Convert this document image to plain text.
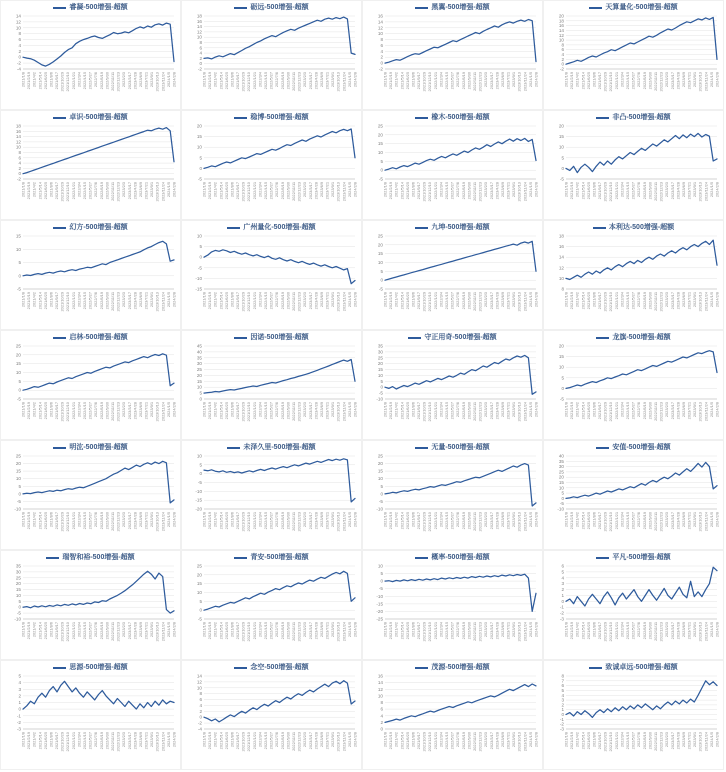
睿凝-500增强-超额
14
12
10
8
6
4
2
0
-2
-4
2021/1/8 2021/2/19 2021/4/2 2021/5/14 2021/6/25 2021/8/6 2021/9/17 2021/10/29 2021/12/10 2022/1/21 2022/3/4 2022/4/15 2022/5/27 2022/7/8 2022/8/19 2022/9/30 2022/11/11 2022/12/23 2023/2/3 2023/3/17 2023/4/28 2023/6/9 2023/7/21 2023/9/1 2023/10/13 2023/11/24 2024/1/5 2024/2/8
砺远-500增强-超额
18
16
14
12
10
8
6
4
2
0
-2
2021/1/8 2021/2/19 2021/4/2 2021/5/14 2021/6/25 2021/8/6 2021/9/17 2021/10/29 2021/12/10 2022/1/21 2022/3/4 2022/4/15 2022/5/27 2022/7/8 2022/8/19 2022/9/30 2022/11/11 2022/12/23 2023/2/3 2023/3/17 2023/4/28 2023/6/9 2023/7/21 2023/9/1 2023/10/13 2023/11/24 2024/1/5 2024/2/8
黑翼-500增强-超额
16
14
12
10
8
6
4
2
0
-2
2021/1/8 2021/2/19 2021/4/2 2021/5/14 2021/6/25 2021/8/6 2021/9/17 2021/10/29 2021/12/10 2022/1/21 2022/3/4 2022/4/15 2022/5/27 2022/7/8 2022/8/19 2022/9/30 2022/11/11 2022/12/23 2023/2/3 2023/3/17 2023/4/28 2023/6/9 2023/7/21 2023/9/1 2023/10/13 2023/11/24 2024/1/5 2024/2/8
天算量化-500增强-超额
20
18
16
14
12
10
8
6
4
2
0
-2
2021/1/8 2021/2/19 2021/4/2 2021/5/14 2021/6/25 2021/8/6 2021/9/17 2021/10/29 2021/12/10 2022/1/21 2022/3/4 2022/4/15 2022/5/27 2022/7/8 2022/8/19 2022/9/30 2022/11/11 2022/12/23 2023/2/3 2023/3/17 2023/4/28 2023/6/9 2023/7/21 2023/9/1 2023/10/13 2023/11/24 2024/1/5 2024/2/8
卓识-500增强-超额
18
16
14
12
10
8
6
4
2
0
-2
2021/1/8 2021/2/19 2021/4/2 2021/5/14 2021/6/25 2021/8/6 2021/9/17 2021/10/29 2021/12/10 2022/1/21 2022/3/4 2022/4/15 2022/5/27 2022/7/8 2022/8/19 2022/9/30 2022/11/11 2022/12/23 2023/2/3 2023/3/17 2023/4/28 2023/6/9 2023/7/21 2023/9/1 2023/10/13 2023/11/24 2024/1/5 2024/2/8
稳博-500增强-超额
20
15
10
5
0
-5
2021/1/8 2021/2/19 2021/4/2 2021/5/14 2021/6/25 2021/8/6 2021/9/17 2021/10/29 2021/12/10 2022/1/21 2022/3/4 2022/4/15 2022/5/27 2022/7/8 2022/8/19 2022/9/30 2022/11/11 2022/12/23 2023/2/3 2023/3/17 2023/4/28 2023/6/9 2023/7/21 2023/9/1 2023/10/13 2023/11/24 2024/1/5 2024/2/8
橡木-500增强-超额
25
20
15
10
5
0
-5
2021/1/8 2021/2/19 2021/4/2 2021/5/14 2021/6/25 2021/8/6 2021/9/17 2021/10/29 2021/12/10 2022/1/21 2022/3/4 2022/4/15 2022/5/27 2022/7/8 2022/8/19 2022/9/30 2022/11/11 2022/12/23 2023/2/3 2023/3/17 2023/4/28 2023/6/9 2023/7/21 2023/9/1 2023/10/13 2023/11/24 2024/1/5 2024/2/8
非凸-500增强-超额
20
15
10
5
0
-5
2021/1/8 2021/2/19 2021/4/2 2021/5/14 2021/6/25 2021/8/6 2021/9/17 2021/10/29 2021/12/10 2022/1/21 2022/3/4 2022/4/15 2022/5/27 2022/7/8 2022/8/19 2022/9/30 2022/11/11 2022/12/23 2023/2/3 2023/3/17 2023/4/28 2023/6/9 2023/7/21 2023/9/1 2023/10/13 2023/11/24 2024/1/5 2024/2/8
幻方-500增强-超额
15
10
5
0
-5
2021/1/8 2021/2/19 2021/4/2 2021/5/14 2021/6/25 2021/8/6 2021/9/17 2021/10/29 2021/12/10 2022/1/21 2022/3/4 2022/4/15 2022/5/27 2022/7/8 2022/8/19 2022/9/30 2022/11/11 2022/12/23 2023/2/3 2023/3/17 2023/4/28 2023/6/9 2023/7/21 2023/9/1 2023/10/13 2023/11/24 2024/1/5 2024/2/8
广州量化-500增强-超额
10
5
0
-5
-10
-15
2021/1/8 2021/2/19 2021/4/2 2021/5/14 2021/6/25 2021/8/6 2021/9/17 2021/10/29 2021/12/10 2022/1/21 2022/3/4 2022/4/15 2022/5/27 2022/7/8 2022/8/19 2022/9/30 2022/11/11 2022/12/23 2023/2/3 2023/3/17 2023/4/28 2023/6/9 2023/7/21 2023/9/1 2023/10/13 2023/11/24 2024/1/5 2024/2/8
九坤-500增强-超额
25
20
15
10
5
0
-5
2021/1/8 2021/2/19 2021/4/2 2021/5/14 2021/6/25 2021/8/6 2021/9/17 2021/10/29 2021/12/10 2022/1/21 2022/3/4 2022/4/15 2022/5/27 2022/7/8 2022/8/19 2022/9/30 2022/11/11 2022/12/23 2023/2/3 2023/3/17 2023/4/28 2023/6/9 2023/7/21 2023/9/1 2023/10/13 2023/11/24 2024/1/5 2024/2/8
本利达-500增强-超额
18
16
14
12
10
8
2021/1/8 2021/2/19 2021/4/2 2021/5/14 2021/6/25 2021/8/6 2021/9/17 2021/10/29 2021/12/10 2022/1/21 2022/3/4 2022/4/15 2022/5/27 2022/7/8 2022/8/19 2022/9/30 2022/11/11 2022/12/23 2023/2/3 2023/3/17 2023/4/28 2023/6/9 2023/7/21 2023/9/1 2023/10/13 2023/11/24 2024/1/5 2024/2/8
启林-500增强-超额
25
20
15
10
5
0
-5
2021/1/8 2021/2/19 2021/4/2 2021/5/14 2021/6/25 2021/8/6 2021/9/17 2021/10/29 2021/12/10 2022/1/21 2022/3/4 2022/4/15 2022/5/27 2022/7/8 2022/8/19 2022/9/30 2022/11/11 2022/12/23 2023/2/3 2023/3/17 2023/4/28 2023/6/9 2023/7/21 2023/9/1 2023/10/13 2023/11/24 2024/1/5 2024/2/8
因诺-500增强-超额
45
40
35
30
25
20
15
10
5
0
2021/1/8 2021/2/19 2021/4/2 2021/5/14 2021/6/25 2021/8/6 2021/9/17 2021/10/29 2021/12/10 2022/1/21 2022/3/4 2022/4/15 2022/5/27 2022/7/8 2022/8/19 2022/9/30 2022/11/11 2022/12/23 2023/2/3 2023/3/17 2023/4/28 2023/6/9 2023/7/21 2023/9/1 2023/10/13 2023/11/24 2024/1/5 2024/2/8
守正用奇-500增强-超额
35
30
25
20
15
10
5
0
-5
-10
2021/1/8 2021/2/19 2021/4/2 2021/5/14 2021/6/25 2021/8/6 2021/9/17 2021/10/29 2021/12/10 2022/1/21 2022/3/4 2022/4/15 2022/5/27 2022/7/8 2022/8/19 2022/9/30 2022/11/11 2022/12/23 2023/2/3 2023/3/17 2023/4/28 2023/6/9 2023/7/21 2023/9/1 2023/10/13 2023/11/24 2024/1/5 2024/2/8
龙旗-500增强-超额
20
15
10
5
0
-5
2021/1/8 2021/2/19 2021/4/2 2021/5/14 2021/6/25 2021/8/6 2021/9/17 2021/10/29 2021/12/10 2022/1/21 2022/3/4 2022/4/15 2022/5/27 2022/7/8 2022/8/19 2022/9/30 2022/11/11 2022/12/23 2023/2/3 2023/3/17 2023/4/28 2023/6/9 2023/7/21 2023/9/1 2023/10/13 2023/11/24 2024/1/5 2024/2/8
明汯-500增强-超额
25
20
15
10
5
0
-5
-10
2021/1/8 2021/2/19 2021/4/2 2021/5/14 2021/6/25 2021/8/6 2021/9/17 2021/10/29 2021/12/10 2022/1/21 2022/3/4 2022/4/15 2022/5/27 2022/7/8 2022/8/19 2022/9/30 2022/11/11 2022/12/23 2023/2/3 2023/3/17 2023/4/28 2023/6/9 2023/7/21 2023/9/1 2023/10/13 2023/11/24 2024/1/5 2024/2/8
未泽久里-500增强-超额
10
5
0
-5
-10
-15
-20
2021/1/8 2021/2/19 2021/4/2 2021/5/14 2021/6/25 2021/8/6 2021/9/17 2021/10/29 2021/12/10 2022/1/21 2022/3/4 2022/4/15 2022/5/27 2022/7/8 2022/8/19 2022/9/30 2022/11/11 2022/12/23 2023/2/3 2023/3/17 2023/4/28 2023/6/9 2023/7/21 2023/9/1 2023/10/13 2023/11/24 2024/1/5 2024/2/8
无量-500增强-超额
25
20
15
10
5
0
-5
-10
2021/1/8 2021/2/19 2021/4/2 2021/5/14 2021/6/25 2021/8/6 2021/9/17 2021/10/29 2021/12/10 2022/1/21 2022/3/4 2022/4/15 2022/5/27 2022/7/8 2022/8/19 2022/9/30 2022/11/11 2022/12/23 2023/2/3 2023/3/17 2023/4/28 2023/6/9 2023/7/21 2023/9/1 2023/10/13 2023/11/24 2024/1/5 2024/2/8
安值-500增强-超额
40
35
30
25
20
15
10
5
0
-5
-10
2021/1/8 2021/2/19 2021/4/2 2021/5/14 2021/6/25 2021/8/6 2021/9/17 2021/10/29 2021/12/10 2022/1/21 2022/3/4 2022/4/15 2022/5/27 2022/7/8 2022/8/19 2022/9/30 2022/11/11 2022/12/23 2023/2/3 2023/3/17 2023/4/28 2023/6/9 2023/7/21 2023/9/1 2023/10/13 2023/11/24 2024/1/5 2024/2/8
瑞智和裕-500增强-超额
35
30
25
20
15
10
5
0
-5
-10
2021/1/8 2021/2/19 2021/4/2 2021/5/14 2021/6/25 2021/8/6 2021/9/17 2021/10/29 2021/12/10 2022/1/21 2022/3/4 2022/4/15 2022/5/27 2022/7/8 2022/8/19 2022/9/30 2022/11/11 2022/12/23 2023/2/3 2023/3/17 2023/4/28 2023/6/9 2023/7/21 2023/9/1 2023/10/13 2023/11/24 2024/1/5 2024/2/8
青安-500增强-超额
25
20
15
10
5
0
-5
2021/1/8 2021/2/19 2021/4/2 2021/5/14 2021/6/25 2021/8/6 2021/9/17 2021/10/29 2021/12/10 2022/1/21 2022/3/4 2022/4/15 2022/5/27 2022/7/8 2022/8/19 2022/9/30 2022/11/11 2022/12/23 2023/2/3 2023/3/17 2023/4/28 2023/6/9 2023/7/21 2023/9/1 2023/10/13 2023/11/24 2024/1/5 2024/2/8
概率-500增强-超额
10
5
0
-5
-10
-15
-20
-25
2021/1/8 2021/2/19 2021/4/2 2021/5/14 2021/6/25 2021/8/6 2021/9/17 2021/10/29 2021/12/10 2022/1/21 2022/3/4 2022/4/15 2022/5/27 2022/7/8 2022/8/19 2022/9/30 2022/11/11 2022/12/23 2023/2/3 2023/3/17 2023/4/28 2023/6/9 2023/7/21 2023/9/1 2023/10/13 2023/11/24 2024/1/5 2024/2/8
平凡-500增强-超额
6
5
4
3
2
1
0
-1
-2
-3
2021/1/8 2021/2/19 2021/4/2 2021/5/14 2021/6/25 2021/8/6 2021/9/17 2021/10/29 2021/12/10 2022/1/21 2022/3/4 2022/4/15 2022/5/27 2022/7/8 2022/8/19 2022/9/30 2022/11/11 2022/12/23 2023/2/3 2023/3/17 2023/4/28 2023/6/9 2023/7/21 2023/9/1 2023/10/13 2023/11/24 2024/1/5 2024/2/8
思源-500增强-超额
5
4
3
2
1
0
-1
-2
-3
2021/1/8 2021/2/19 2021/4/2 2021/5/14 2021/6/25 2021/8/6 2021/9/17 2021/10/29 2021/12/10 2022/1/21 2022/3/4 2022/4/15 2022/5/27 2022/7/8 2022/8/19 2022/9/30 2022/11/11 2022/12/23 2023/2/3 2023/3/17 2023/4/28 2023/6/9 2023/7/21 2023/9/1 2023/10/13 2023/11/24 2024/1/5 2024/2/8
念空-500增强-超额
14
12
10
8
6
4
2
0
-2
-4
2021/1/8 2021/2/19 2021/4/2 2021/5/14 2021/6/25 2021/8/6 2021/9/17 2021/10/29 2021/12/10 2022/1/21 2022/3/4 2022/4/15 2022/5/27 2022/7/8 2022/8/19 2022/9/30 2022/11/11 2022/12/23 2023/2/3 2023/3/17 2023/4/28 2023/6/9 2023/7/21 2023/9/1 2023/10/13 2023/11/24 2024/1/5 2024/2/8
茂源-500增强-超额
16
14
12
10
8
6
4
2
0
2021/1/8 2021/2/19 2021/4/2 2021/5/14 2021/6/25 2021/8/6 2021/9/17 2021/10/29 2021/12/10 2022/1/21 2022/3/4 2022/4/15 2022/5/27 2022/7/8 2022/8/19 2022/9/30 2022/11/11 2022/12/23 2023/2/3 2023/3/17 2023/4/28 2023/6/9 2023/7/21 2023/9/1 2023/10/13 2023/11/24 2024/1/5 2024/2/8
致诚卓远-500增强-超额
8
7
6
5
4
3
2
1
0
-1
-2
-3
2021/1/8 2021/2/19 2021/4/2 2021/5/14 2021/6/25 2021/8/6 2021/9/17 2021/10/29 2021/12/10 2022/1/21 2022/3/4 2022/4/15 2022/5/27 2022/7/8 2022/8/19 2022/9/30 2022/11/11 2022/12/23 2023/2/3 2023/3/17 2023/4/28 2023/6/9 2023/7/21 2023/9/1 2023/10/13 2023/11/24 2024/1/5 2024/2/8
